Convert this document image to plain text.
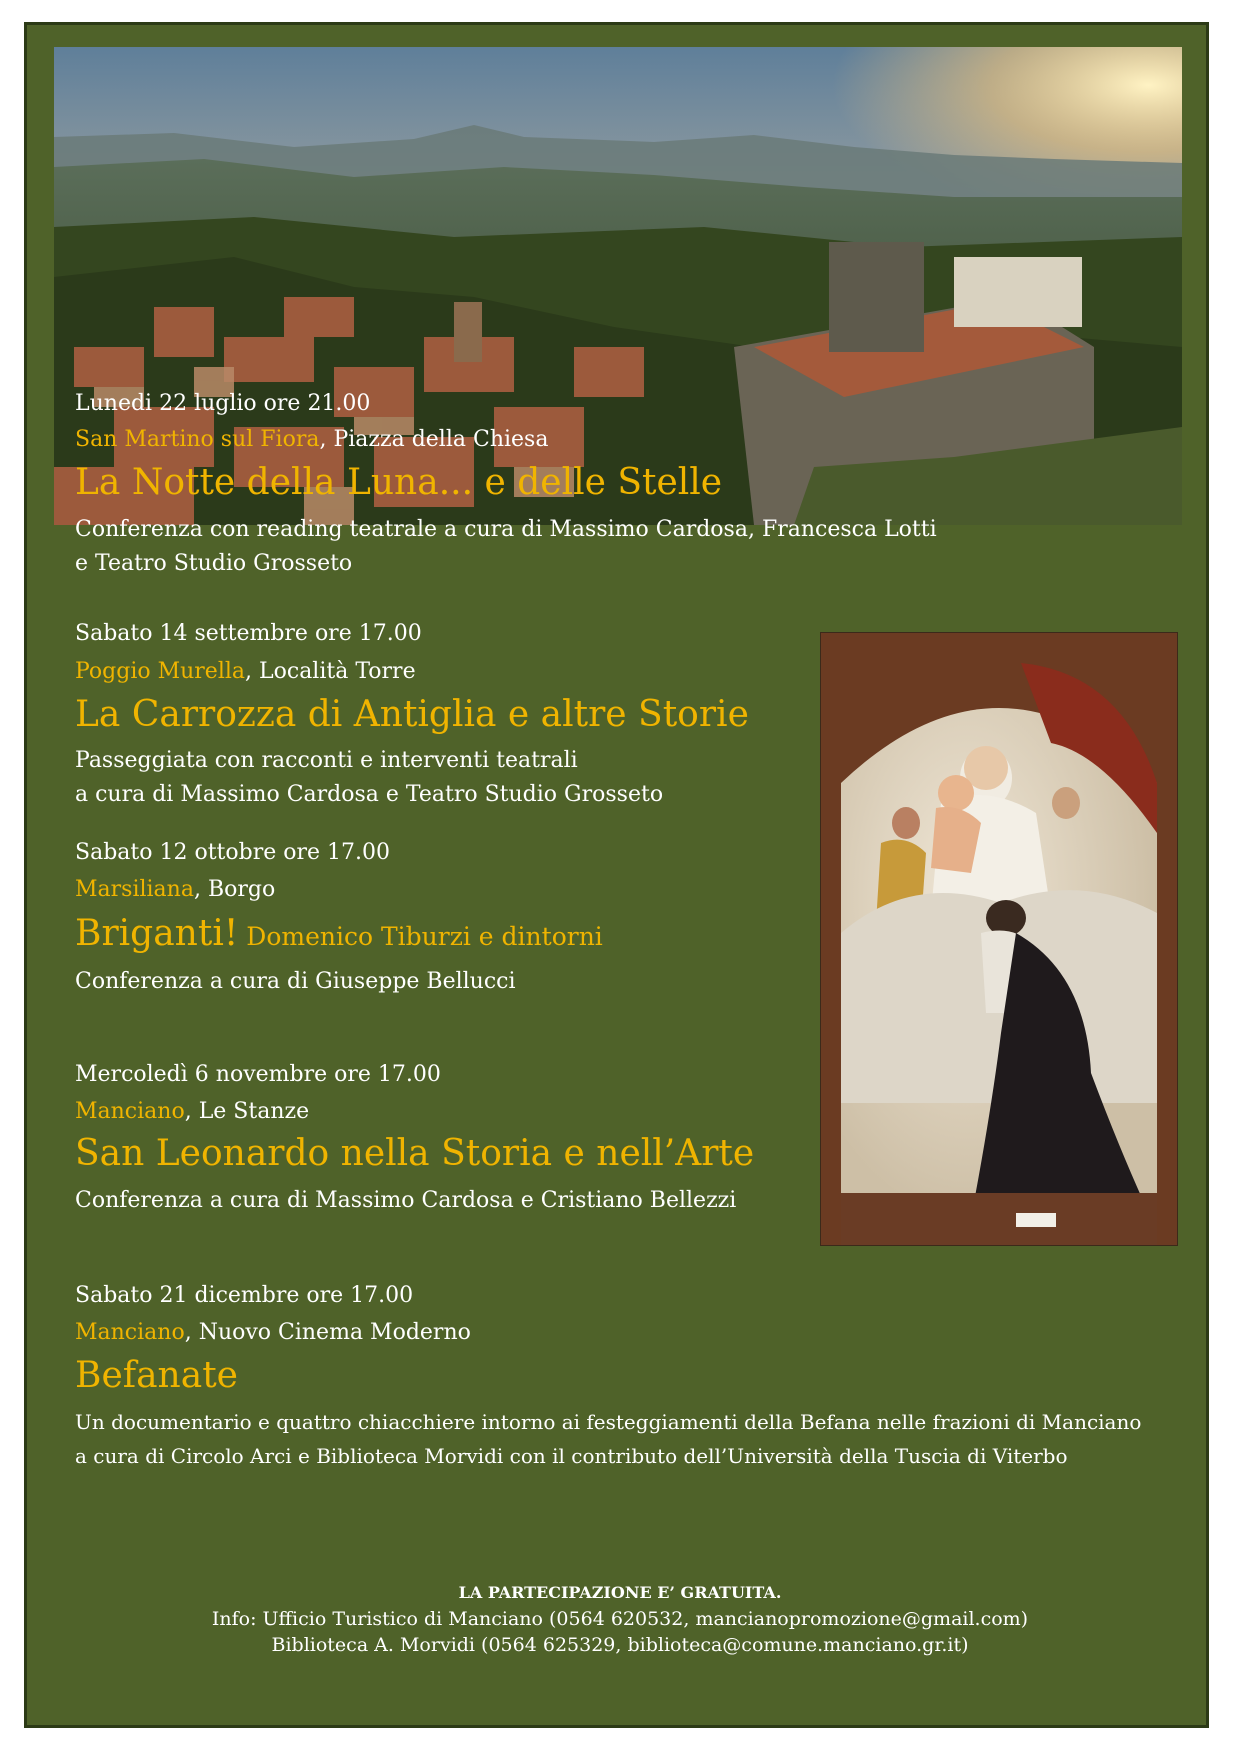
Lunedi 22 luglio ore 21.00
San Martino sul Fiora, Piazza della Chiesa
La Notte della Luna... e delle Stelle
Conferenza con reading teatrale a cura di Massimo Cardosa, Francesca Lotti
e Teatro Studio Grosseto
Sabato 14 settembre ore 17.00
Poggio Murella, Località Torre
La Carrozza di Antiglia e altre Storie
Passeggiata con racconti e interventi teatrali
a cura di Massimo Cardosa e Teatro Studio Grosseto
Sabato 12 ottobre ore 17.00
Marsiliana, Borgo
Briganti! Domenico Tiburzi e dintorni
Conferenza a cura di Giuseppe Bellucci
Mercoledì 6 novembre ore 17.00
Manciano, Le Stanze
San Leonardo nella Storia e nell’Arte
Conferenza a cura di Massimo Cardosa e Cristiano Bellezzi
Sabato 21 dicembre ore 17.00
Manciano, Nuovo Cinema Moderno
Befanate
Un documentario e quattro chiacchiere intorno ai festeggiamenti della Befana nelle frazioni di Manciano
a cura di Circolo Arci e Biblioteca Morvidi con il contributo dell’Università della Tuscia di Viterbo
LA PARTECIPAZIONE E’ GRATUITA.
Info: Ufficio Turistico di Manciano (0564 620532, mancianopromozione@gmail.com)
Biblioteca A. Morvidi (0564 625329, biblioteca@comune.manciano.gr.it)
